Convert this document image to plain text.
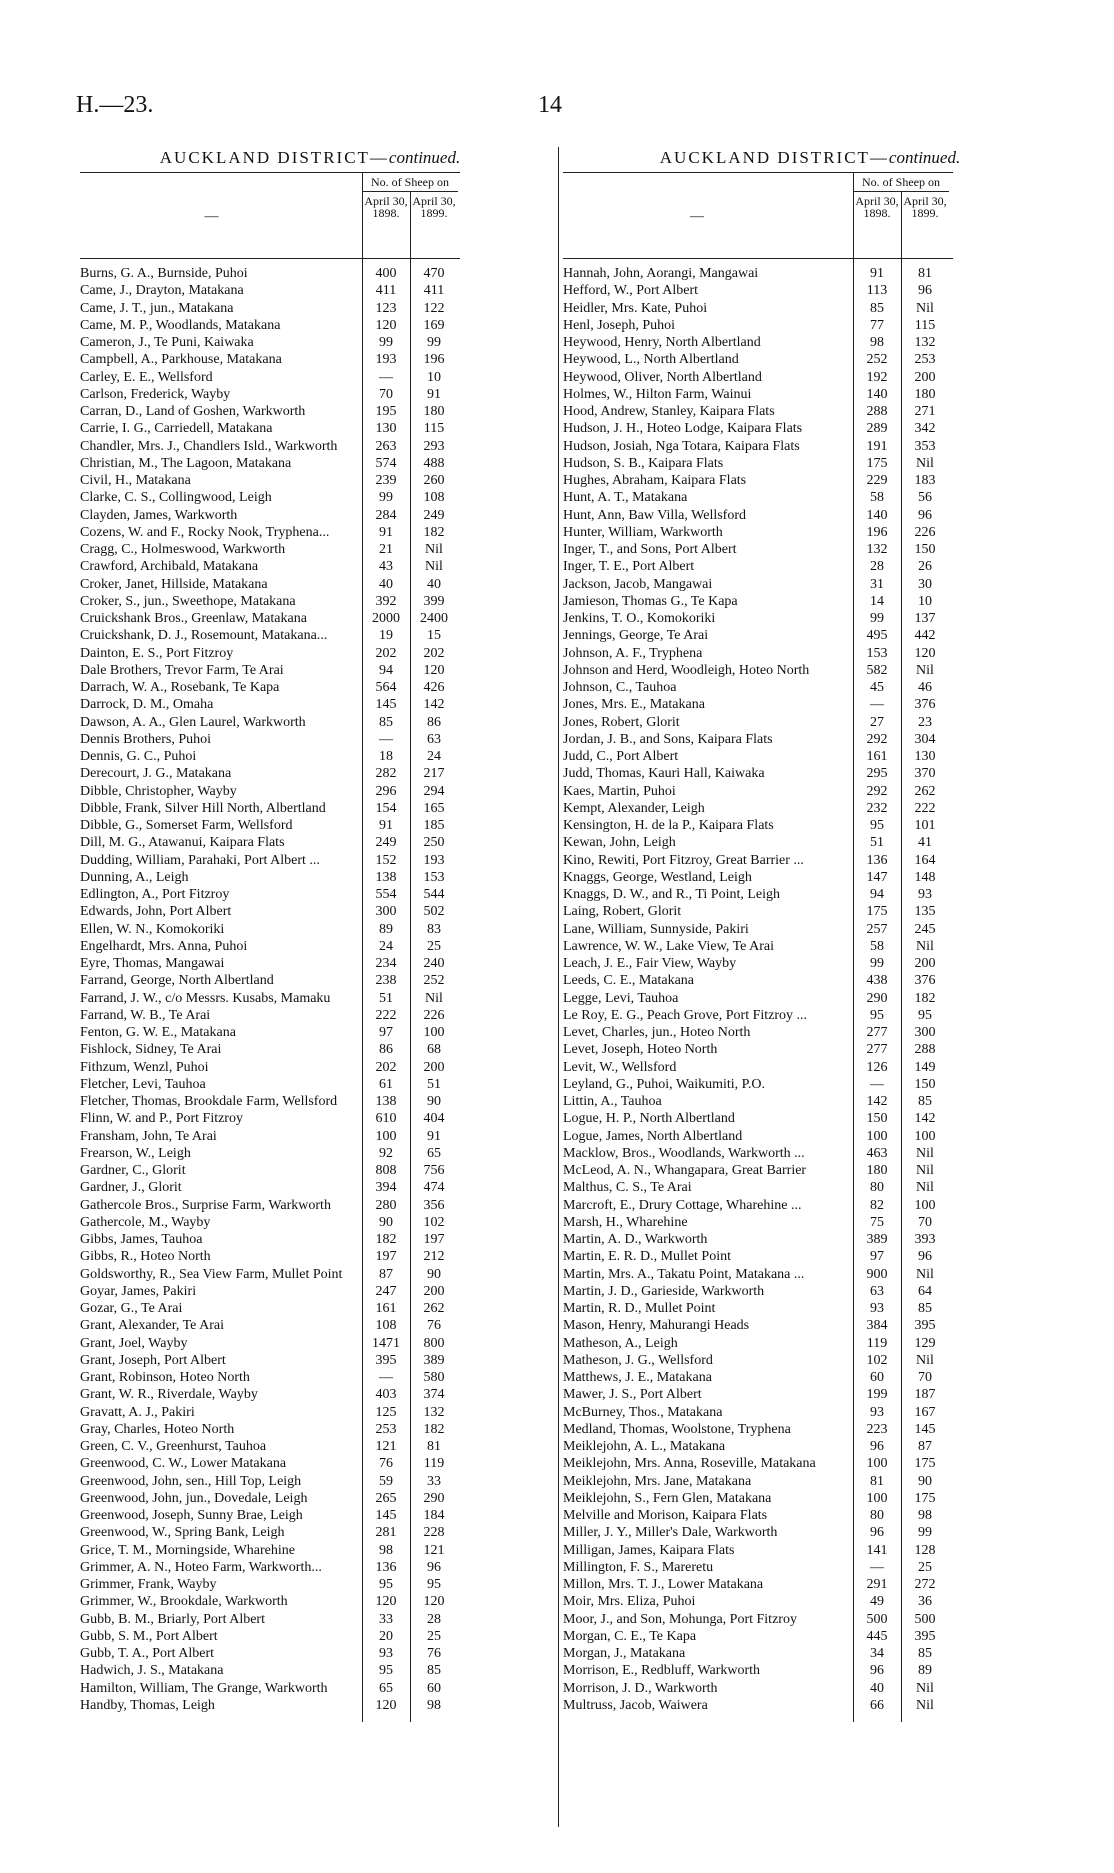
H.—23.	14
AUCKLAND DISTRICT—continued.	AUCKLAND DISTRICT—continued.
—
No. of Sheep on
April 30, 1898.
April 30, 1899.
Burns, G. A., Burnside, Puhoi	400	470
Came, J., Drayton, Matakana	411	411
Came, J. T., jun., Matakana	123	122
Came, M. P., Woodlands, Matakana	120	169
Cameron, J., Te Puni, Kaiwaka	99	99
Campbell, A., Parkhouse, Matakana	193	196
Carley, E. E., Wellsford	—	10
Carlson, Frederick, Wayby	70	91
Carran, D., Land of Goshen, Warkworth	195	180
Carrie, I. G., Carriedell, Matakana	130	115
Chandler, Mrs. J., Chandlers Isld., Warkworth	263	293
Christian, M., The Lagoon, Matakana	574	488
Civil, H., Matakana	239	260
Clarke, C. S., Collingwood, Leigh	99	108
Clayden, James, Warkworth	284	249
Cozens, W. and F., Rocky Nook, Tryphena...	91	182
Cragg, C., Holmeswood, Warkworth	21	Nil
Crawford, Archibald, Matakana	43	Nil
Croker, Janet, Hillside, Matakana	40	40
Croker, S., jun., Sweethope, Matakana	392	399
Cruickshank Bros., Greenlaw, Matakana	2000	2400
Cruickshank, D. J., Rosemount, Matakana...	19	15
Dainton, E. S., Port Fitzroy	202	202
Dale Brothers, Trevor Farm, Te Arai	94	120
Darrach, W. A., Rosebank, Te Kapa	564	426
Darrock, D. M., Omaha	145	142
Dawson, A. A., Glen Laurel, Warkworth	85	86
Dennis Brothers, Puhoi	—	63
Dennis, G. C., Puhoi	18	24
Derecourt, J. G., Matakana	282	217
Dibble, Christopher, Wayby	296	294
Dibble, Frank, Silver Hill North, Albertland	154	165
Dibble, G., Somerset Farm, Wellsford	91	185
Dill, M. G., Atawanui, Kaipara Flats	249	250
Dudding, William, Parahaki, Port Albert ...	152	193
Dunning, A., Leigh	138	153
Edlington, A., Port Fitzroy	554	544
Edwards, John, Port Albert	300	502
Ellen, W. N., Komokoriki	89	83
Engelhardt, Mrs. Anna, Puhoi	24	25
Eyre, Thomas, Mangawai	234	240
Farrand, George, North Albertland	238	252
Farrand, J. W., c/o Messrs. Kusabs, Mamaku	51	Nil
Farrand, W. B., Te Arai	222	226
Fenton, G. W. E., Matakana	97	100
Fishlock, Sidney, Te Arai	86	68
Fithzum, Wenzl, Puhoi	202	200
Fletcher, Levi, Tauhoa	61	51
Fletcher, Thomas, Brookdale Farm, Wellsford	138	90
Flinn, W. and P., Port Fitzroy	610	404
Fransham, John, Te Arai	100	91
Frearson, W., Leigh	92	65
Gardner, C., Glorit	808	756
Gardner, J., Glorit	394	474
Gathercole Bros., Surprise Farm, Warkworth	280	356
Gathercole, M., Wayby	90	102
Gibbs, James, Tauhoa	182	197
Gibbs, R., Hoteo North	197	212
Goldsworthy, R., Sea View Farm, Mullet Point	87	90
Goyar, James, Pakiri	247	200
Gozar, G., Te Arai	161	262
Grant, Alexander, Te Arai	108	76
Grant, Joel, Wayby	1471	800
Grant, Joseph, Port Albert	395	389
Grant, Robinson, Hoteo North	—	580
Grant, W. R., Riverdale, Wayby	403	374
Gravatt, A. J., Pakiri	125	132
Gray, Charles, Hoteo North	253	182
Green, C. V., Greenhurst, Tauhoa	121	81
Greenwood, C. W., Lower Matakana	76	119
Greenwood, John, sen., Hill Top, Leigh	59	33
Greenwood, John, jun., Dovedale, Leigh	265	290
Greenwood, Joseph, Sunny Brae, Leigh	145	184
Greenwood, W., Spring Bank, Leigh	281	228
Grice, T. M., Morningside, Wharehine	98	121
Grimmer, A. N., Hoteo Farm, Warkworth...	136	96
Grimmer, Frank, Wayby	95	95
Grimmer, W., Brookdale, Warkworth	120	120
Gubb, B. M., Briarly, Port Albert	33	28
Gubb, S. M., Port Albert	20	25
Gubb, T. A., Port Albert	93	76
Hadwich, J. S., Matakana	95	85
Hamilton, William, The Grange, Warkworth	65	60
Handby, Thomas, Leigh	120	98
—
No. of Sheep on
April 30, 1898.
April 30, 1899.
Hannah, John, Aorangi, Mangawai	91	81
Hefford, W., Port Albert	113	96
Heidler, Mrs. Kate, Puhoi	85	Nil
Henl, Joseph, Puhoi	77	115
Heywood, Henry, North Albertland	98	132
Heywood, L., North Albertland	252	253
Heywood, Oliver, North Albertland	192	200
Holmes, W., Hilton Farm, Wainui	140	180
Hood, Andrew, Stanley, Kaipara Flats	288	271
Hudson, J. H., Hoteo Lodge, Kaipara Flats	289	342
Hudson, Josiah, Nga Totara, Kaipara Flats	191	353
Hudson, S. B., Kaipara Flats	175	Nil
Hughes, Abraham, Kaipara Flats	229	183
Hunt, A. T., Matakana	58	56
Hunt, Ann, Baw Villa, Wellsford	140	96
Hunter, William, Warkworth	196	226
Inger, T., and Sons, Port Albert	132	150
Inger, T. E., Port Albert	28	26
Jackson, Jacob, Mangawai	31	30
Jamieson, Thomas G., Te Kapa	14	10
Jenkins, T. O., Komokoriki	99	137
Jennings, George, Te Arai	495	442
Johnson, A. F., Tryphena	153	120
Johnson and Herd, Woodleigh, Hoteo North	582	Nil
Johnson, C., Tauhoa	45	46
Jones, Mrs. E., Matakana	—	376
Jones, Robert, Glorit	27	23
Jordan, J. B., and Sons, Kaipara Flats	292	304
Judd, C., Port Albert	161	130
Judd, Thomas, Kauri Hall, Kaiwaka	295	370
Kaes, Martin, Puhoi	292	262
Kempt, Alexander, Leigh	232	222
Kensington, H. de la P., Kaipara Flats	95	101
Kewan, John, Leigh	51	41
Kino, Rewiti, Port Fitzroy, Great Barrier ...	136	164
Knaggs, George, Westland, Leigh	147	148
Knaggs, D. W., and R., Ti Point, Leigh	94	93
Laing, Robert, Glorit	175	135
Lane, William, Sunnyside, Pakiri	257	245
Lawrence, W. W., Lake View, Te Arai	58	Nil
Leach, J. E., Fair View, Wayby	99	200
Leeds, C. E., Matakana	438	376
Legge, Levi, Tauhoa	290	182
Le Roy, E. G., Peach Grove, Port Fitzroy ...	95	95
Levet, Charles, jun., Hoteo North	277	300
Levet, Joseph, Hoteo North	277	288
Levit, W., Wellsford	126	149
Leyland, G., Puhoi, Waikumiti, P.O.	—	150
Littin, A., Tauhoa	142	85
Logue, H. P., North Albertland	150	142
Logue, James, North Albertland	100	100
Macklow, Bros., Woodlands, Warkworth ...	463	Nil
McLeod, A. N., Whangapara, Great Barrier	180	Nil
Malthus, C. S., Te Arai	80	Nil
Marcroft, E., Drury Cottage, Wharehine ...	82	100
Marsh, H., Wharehine	75	70
Martin, A. D., Warkworth	389	393
Martin, E. R. D., Mullet Point	97	96
Martin, Mrs. A., Takatu Point, Matakana ...	900	Nil
Martin, J. D., Garieside, Warkworth	63	64
Martin, R. D., Mullet Point	93	85
Mason, Henry, Mahurangi Heads	384	395
Matheson, A., Leigh	119	129
Matheson, J. G., Wellsford	102	Nil
Matthews, J. E., Matakana	60	70
Mawer, J. S., Port Albert	199	187
McBurney, Thos., Matakana	93	167
Medland, Thomas, Woolstone, Tryphena	223	145
Meiklejohn, A. L., Matakana	96	87
Meiklejohn, Mrs. Anna, Roseville, Matakana	100	175
Meiklejohn, Mrs. Jane, Matakana	81	90
Meiklejohn, S., Fern Glen, Matakana	100	175
Melville and Morison, Kaipara Flats	80	98
Miller, J. Y., Miller's Dale, Warkworth	96	99
Milligan, James, Kaipara Flats	141	128
Millington, F. S., Mareretu	—	25
Millon, Mrs. T. J., Lower Matakana	291	272
Moir, Mrs. Eliza, Puhoi	49	36
Moor, J., and Son, Mohunga, Port Fitzroy	500	500
Morgan, C. E., Te Kapa	445	395
Morgan, J., Matakana	34	85
Morrison, E., Redbluff, Warkworth	96	89
Morrison, J. D., Warkworth	40	Nil
Multruss, Jacob, Waiwera	66	Nil
